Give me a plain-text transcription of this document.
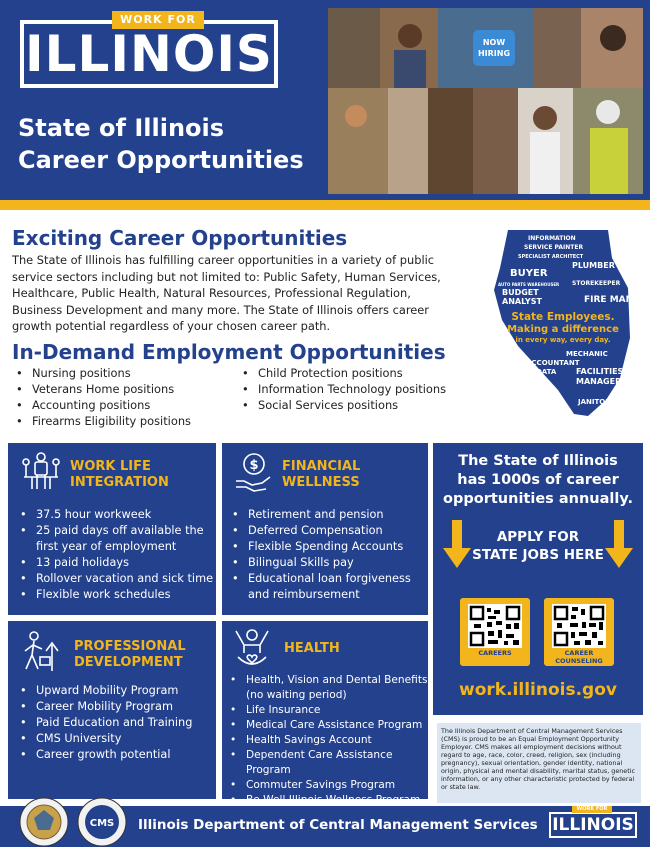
WORK FOR
ILLINOIS
State of Illinois
Career Opportunities
NOW
HIRING
Exciting Career Opportunities
The State of Illinois has fulfilling career opportunities in a variety of public service sectors including but not limited to: Public Safety, Human Services, Healthcare, Public Health, Natural Resources, Professional Regulation, Business Development and many more. The State of Illinois offers career growth potential regardless of your chosen career path.
INFORMATION
SERVICE PAINTER
SPECIALIST ARCHITECT
PLUMBER
BUYER
AUTO PARTS WAREHOUSER STOREKEEPER
BUDGET
ANALYST	FIRE MAN
MECHANIC
ACCOUNTANT
DATA FACILITIES
MANAGER
JANITOR
State Employees.
Making a difference
in every way, every day.
In-Demand Employment Opportunities
• Nursing positions
• Veterans Home positions
• Accounting positions
• Firearms Eligibility positions
• Child Protection positions
• Information Technology positions
• Social Services positions
WORK LIFE
INTEGRATION
• 37.5 hour workweek
• 25 paid days off available the
first year of employment
• 13 paid holidays
• Rollover vacation and sick time
• Flexible work schedules
$ FINANCIAL
WELLNESS
• Retirement and pension
• Deferred Compensation
• Flexible Spending Accounts
• Bilingual Skills pay
• Educational loan forgiveness
and reimbursement
PROFESSIONAL
DEVELOPMENT
• Upward Mobility Program
• Career Mobility Program
• Paid Education and Training
• CMS University
• Career growth potential
HEALTH
• Health, Vision and Dental Benefits
(no waiting period)
• Life Insurance
• Medical Care Assistance Program
• Health Savings Account
• Dependent Care Assistance Program
• Commuter Savings Program
• Be Well Illinois Wellness Program
The State of Illinois
has 1000s of career
opportunities annually.
APPLY FOR
STATE JOBS HERE
CAREERS	CAREER COUNSELING
work.illinois.gov
The Illinois Department of Central Management Services (CMS) is proud to be an Equal Employment Opportunity Employer. CMS makes all employment decisions without regard to age, race, color, creed, religion, sex (including pregnancy), sexual orientation, gender identity, national origin, physical and mental disability, marital status, genetic information, or any other characteristic protected by federal or state law.
CMS Illinois Department of Central Management Services
WORK FOR
ILLINOIS
